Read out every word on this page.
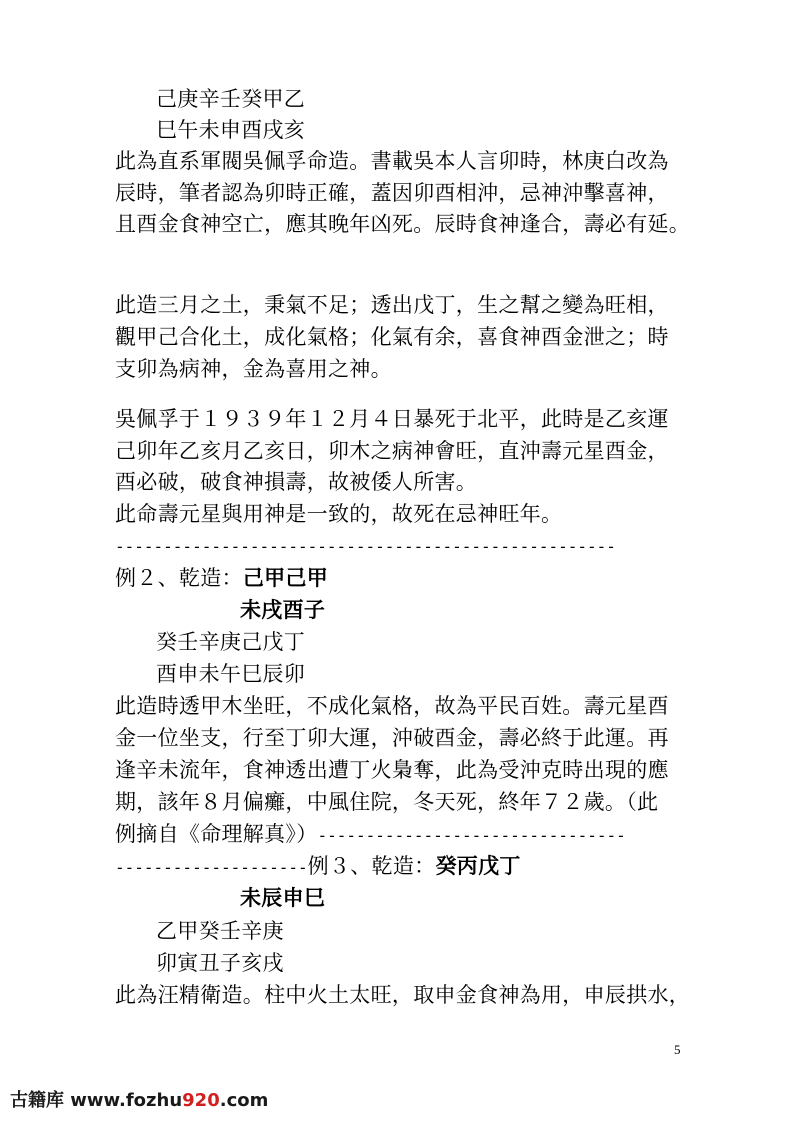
己庚辛壬癸甲乙
巳午未申酉戌亥
此為直系軍閥吳佩孚命造。書載吳本人言卯時，林庚白改為
辰時，筆者認為卯時正確，蓋因卯酉相沖，忌神沖擊喜神，
且酉金食神空亡，應其晚年凶死。辰時食神逢合，壽必有延。
此造三月之土，秉氣不足；透出戊丁，生之幫之變為旺相，
觀甲己合化土，成化氣格；化氣有余，喜食神酉金泄之；時
支卯為病神，金為喜用之神。
吳佩孚于１９３９年１２月４日暴死于北平，此時是乙亥運
己卯年乙亥月乙亥日，卯木之病神會旺，直沖壽元星酉金，
酉必破，破食神損壽，故被倭人所害。
此命壽元星與用神是一致的，故死在忌神旺年。
----------------------------------------------------
例２、乾造：己甲己甲
未戌酉子
癸壬辛庚己戊丁
酉申未午巳辰卯
此造時透甲木坐旺，不成化氣格，故為平民百姓。壽元星酉
金一位坐支，行至丁卯大運，沖破酉金，壽必終于此運。再
逢辛未流年，食神透出遭丁火梟奪，此為受沖克時出現的應
期，該年８月偏癱，中風住院，冬天死，終年７２歲。（此
例摘自《命理解真》）--------------------------------
--------------------例３、乾造：癸丙戊丁
未辰申巳
乙甲癸壬辛庚
卯寅丑子亥戌
此為汪精衛造。柱中火土太旺，取申金食神為用，申辰拱水，
5
古籍库 www.fozhu920.com
